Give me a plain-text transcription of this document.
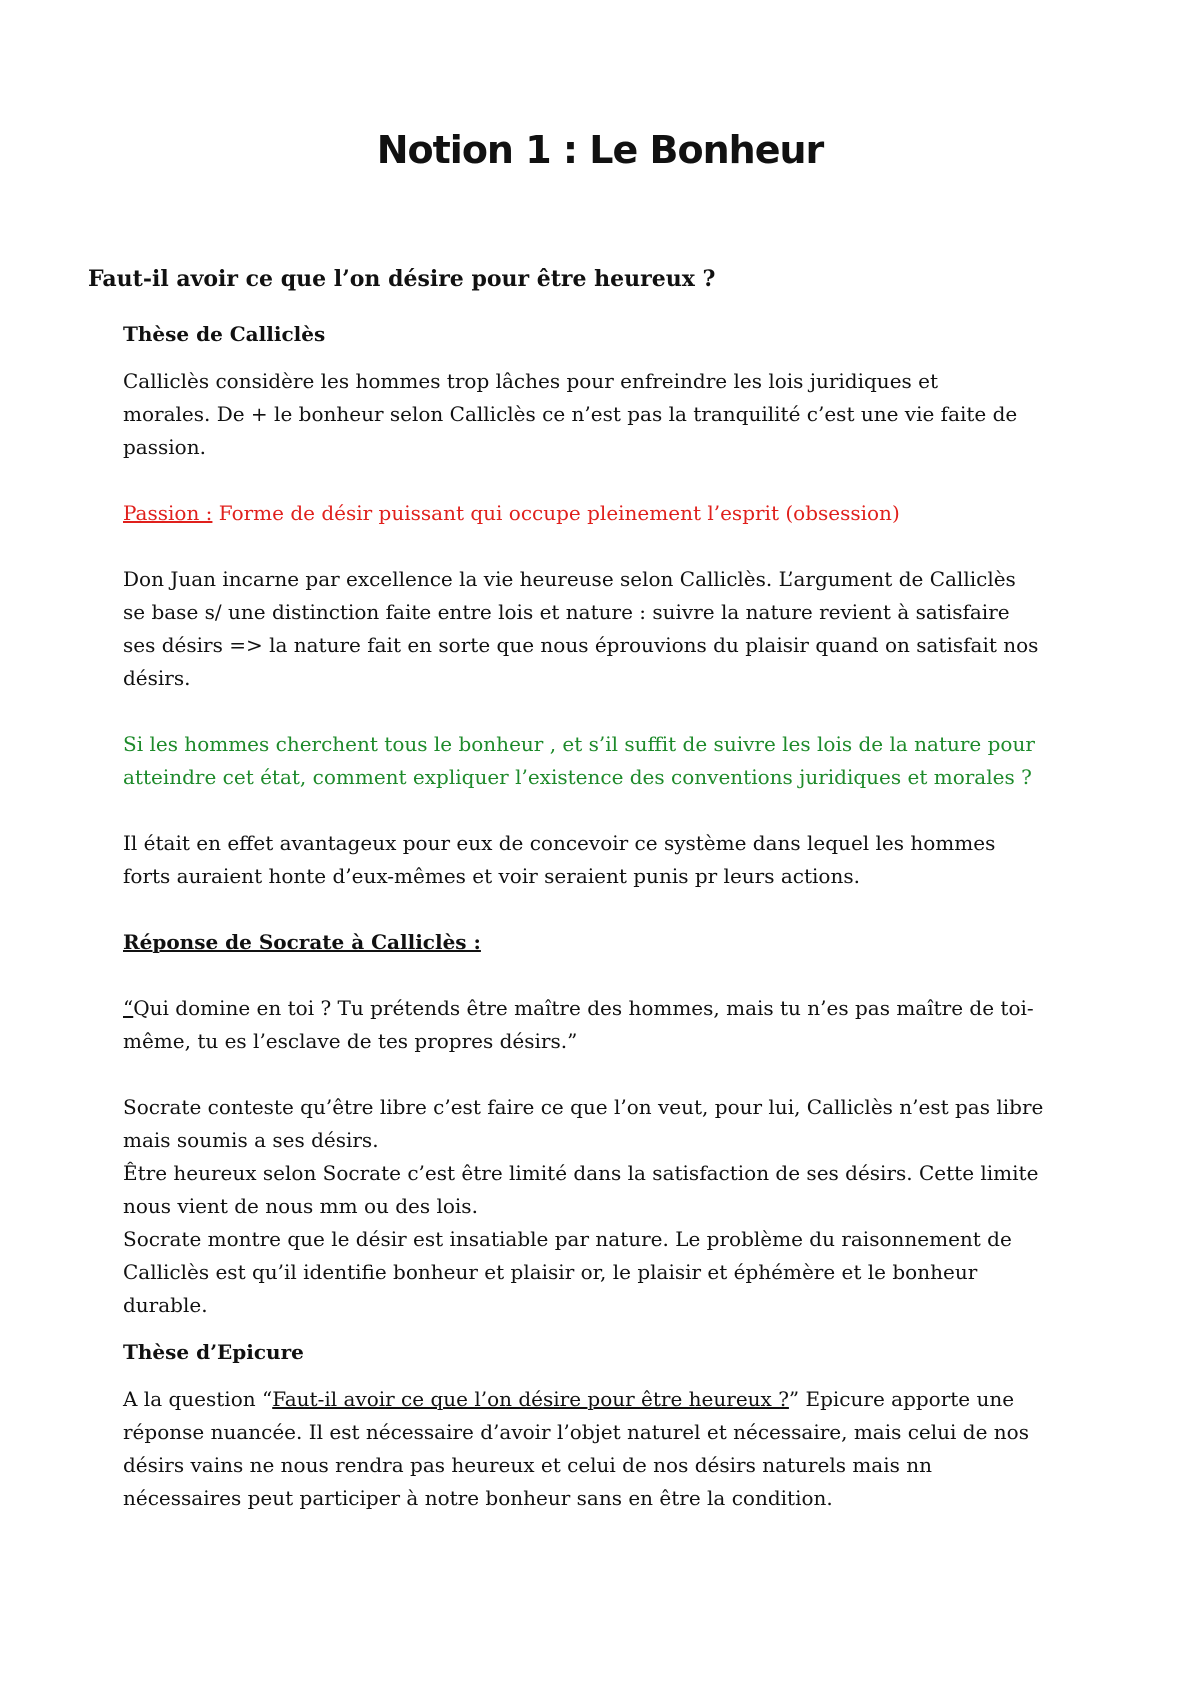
Notion 1 : Le Bonheur
Faut-il avoir ce que l’on désire pour être heureux ?
Thèse de Calliclès

Calliclès considère les hommes trop lâches pour enfreindre les lois juridiques et

morales. De + le bonheur selon Calliclès ce n’est pas la tranquilité c’est une vie faite de

passion.

Passion : Forme de désir puissant qui occupe pleinement l’esprit (obsession)

Don Juan incarne par excellence la vie heureuse selon Calliclès. L’argument de Calliclès

se base s/ une distinction faite entre lois et nature : suivre la nature revient à satisfaire

ses désirs => la nature fait en sorte que nous éprouvions du plaisir quand on satisfait nos

désirs.

Si les hommes cherchent tous le bonheur , et s’il suffit de suivre les lois de la nature pour

atteindre cet état, comment expliquer l’existence des conventions juridiques et morales ?

Il était en effet avantageux pour eux de concevoir ce système dans lequel les hommes

forts auraient honte d’eux-mêmes et voir seraient punis pr leurs actions.

Réponse de Socrate à Calliclès :

“Qui domine en toi ? Tu prétends être maître des hommes, mais tu n’es pas maître de toi-

même, tu es l’esclave de tes propres désirs.”

Socrate conteste qu’être libre c’est faire ce que l’on veut, pour lui, Calliclès n’est pas libre

mais soumis a ses désirs.

Être heureux selon Socrate c’est être limité dans la satisfaction de ses désirs. Cette limite

nous vient de nous mm ou des lois.

Socrate montre que le désir est insatiable par nature. Le problème du raisonnement de

Calliclès est qu’il identifie bonheur et plaisir or, le plaisir et éphémère et le bonheur

durable.

Thèse d’Epicure

A la question “Faut-il avoir ce que l’on désire pour être heureux ?” Epicure apporte une

réponse nuancée. Il est nécessaire d’avoir l’objet naturel et nécessaire, mais celui de nos

désirs vains ne nous rendra pas heureux et celui de nos désirs naturels mais nn

nécessaires peut participer à notre bonheur sans en être la condition.
